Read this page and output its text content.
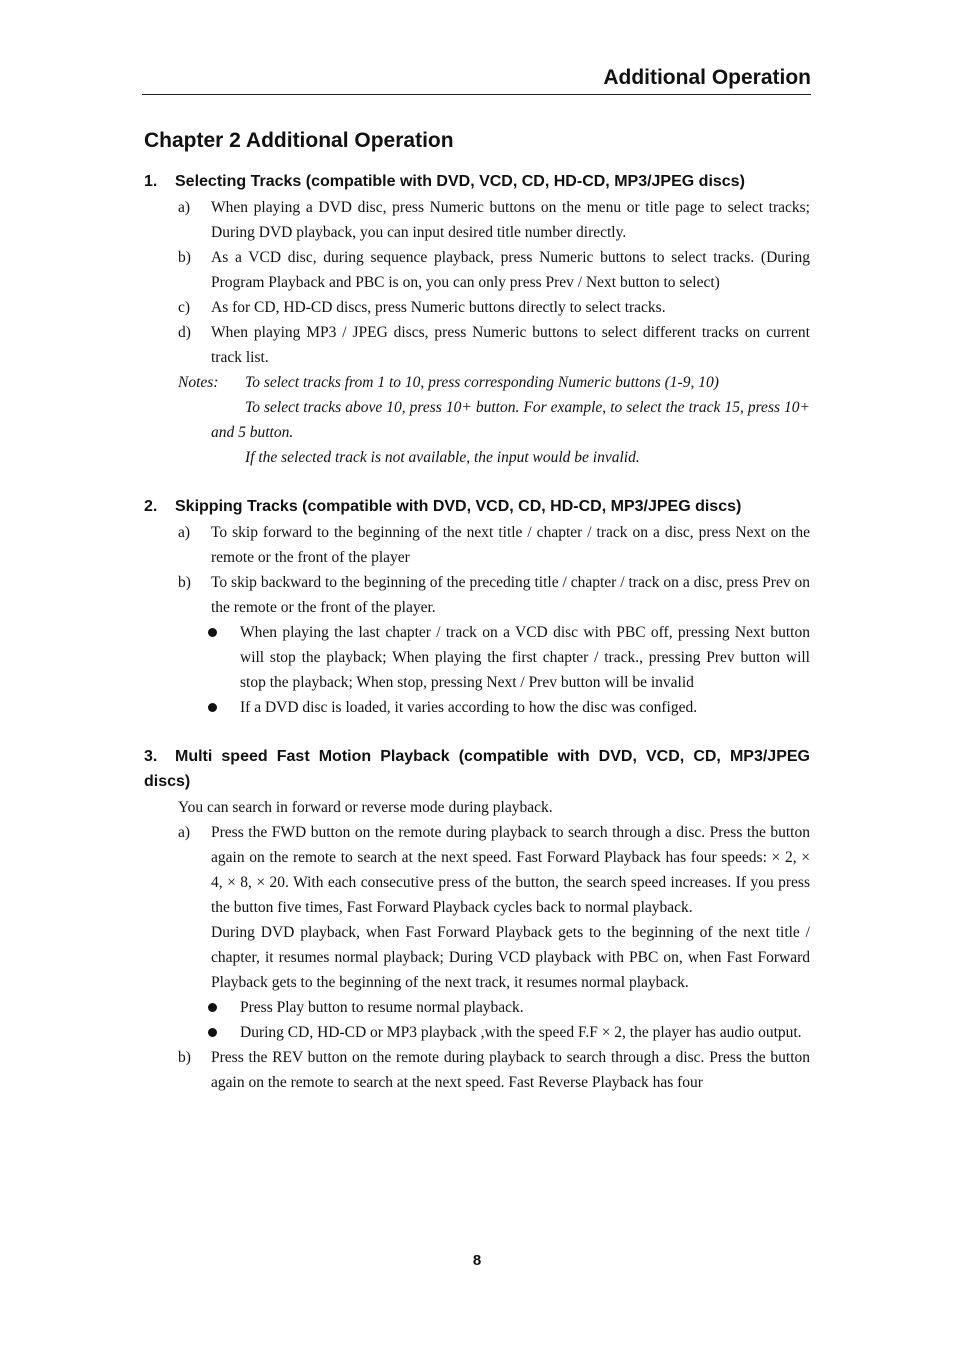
Additional Operation
Chapter 2 Additional Operation
1. Selecting Tracks (compatible with DVD, VCD, CD, HD-CD, MP3/JPEG discs)
a) When playing a DVD disc, press Numeric buttons on the menu or title page to select tracks; During DVD playback, you can input desired title number directly.
b) As a VCD disc, during sequence playback, press Numeric buttons to select tracks. (During Program Playback and PBC is on, you can only press Prev / Next button to select)
c) As for CD, HD-CD discs, press Numeric buttons directly to select tracks.
d) When playing MP3 / JPEG discs, press Numeric buttons to select different tracks on current track list.
Notes: To select tracks from 1 to 10, press corresponding Numeric buttons (1-9, 10)
To select tracks above 10, press 10+ button. For example, to select the track 15, press 10+ and 5 button.
If the selected track is not available, the input would be invalid.
2. Skipping Tracks (compatible with DVD, VCD, CD, HD-CD, MP3/JPEG discs)
a) To skip forward to the beginning of the next title / chapter / track on a disc, press Next on the remote or the front of the player
b) To skip backward to the beginning of the preceding title / chapter / track on a disc, press Prev on the remote or the front of the player.
When playing the last chapter / track on a VCD disc with PBC off, pressing Next button will stop the playback; When playing the first chapter / track., pressing Prev button will stop the playback; When stop, pressing Next / Prev button will be invalid
If a DVD disc is loaded, it varies according to how the disc was configed.
3. Multi speed Fast Motion Playback (compatible with DVD, VCD, CD, MP3/JPEG discs)
You can search in forward or reverse mode during playback.
a) Press the FWD button on the remote during playback to search through a disc. Press the button again on the remote to search at the next speed. Fast Forward Playback has four speeds: × 2, × 4, × 8, × 20. With each consecutive press of the button, the search speed increases. If you press the button five times, Fast Forward Playback cycles back to normal playback.
During DVD playback, when Fast Forward Playback gets to the beginning of the next title / chapter, it resumes normal playback; During VCD playback with PBC on, when Fast Forward Playback gets to the beginning of the next track, it resumes normal playback.
Press Play button to resume normal playback.
During CD, HD-CD or MP3 playback ,with the speed F.F × 2, the player has audio output.
b) Press the REV button on the remote during playback to search through a disc. Press the button again on the remote to search at the next speed. Fast Reverse Playback has four
8
